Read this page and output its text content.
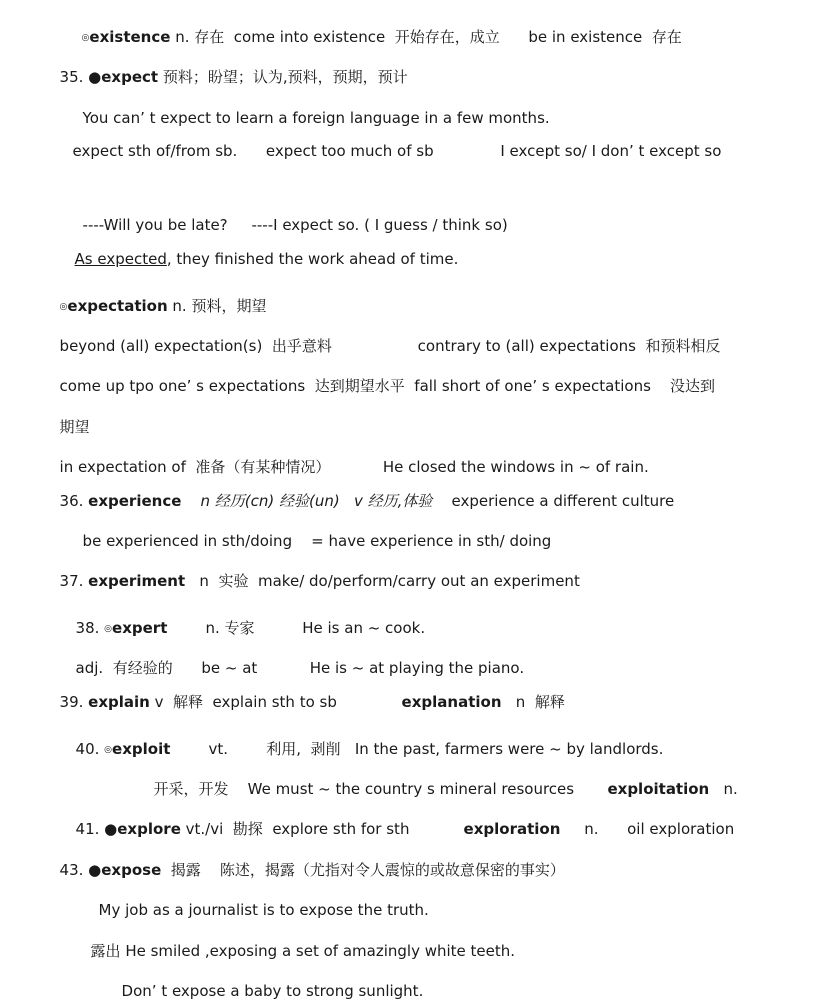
◎existence n. 存在  come into existence  开始存在，成立      be in existence  存在

35. ●expect 预料；盼望；认为,预料，预期，预计

You can’ t expect to learn a foreign language in a few months.

expect sth of/from sb.      expect too much of sb              I except so/ I don’ t except so

----Will you be late?     ----I expect so. ( I guess / think so)

As expected, they finished the work ahead of time.

◎expectation n. 预料，期望

beyond (all) expectation(s)  出乎意料                  contrary to (all) expectations  和预料相反

come up tpo one’ s expectations  达到期望水平  fall short of one’ s expectations    没达到

期望

in expectation of  准备（有某种情况）           He closed the windows in ~ of rain.

36. experience n 经历(cn) 经验(un)   v 经历,体验    experience a different culture

be experienced in sth/doing    = have experience in sth/ doing

37. experiment   n  实验  make/ do/perform/carry out an experiment

38. ◎expert        n. 专家          He is an ~ cook.

adj.  有经验的      be ~ at           He is ~ at playing the piano.

39. explain v  解释  explain sth to sb	explanation   n  解释

40. ◎exploit        vt.        利用,  剥削   In the past, farmers were ~ by landlords.

开采，开发    We must ~ the country s mineral resources       exploitation   n.

41. ●explore vt./vi  勘探  explore sth for sth	exploration     n.      oil exploration

43. ●expose  揭露    陈述，揭露（尤指对令人震惊的或故意保密的事实）

My job as a journalist is to expose the truth.

露出 He smiled ,exposing a set of amazingly white teeth.

Don’ t expose a baby to strong sunlight.
